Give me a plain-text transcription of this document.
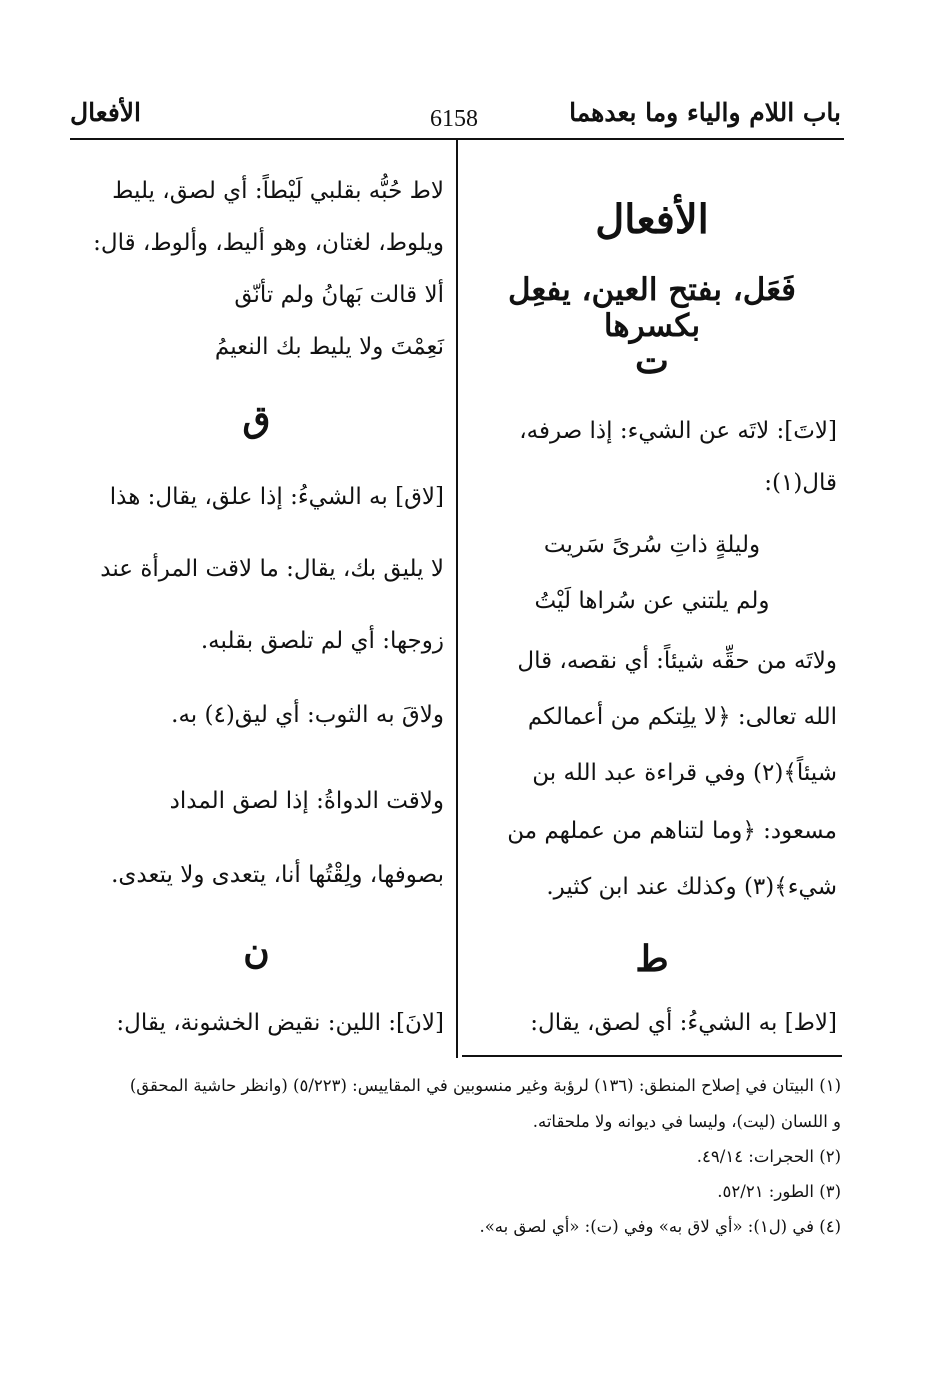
باب اللام والياء وما بعدهما
6158
الأفعال
الأفعال
فَعَل، بفتح العين، يفعِل بكسرها
ت
[لاتَ]: لاتَه عن الشيء: إذا صرفه،
قال(١):
وليلةٍ ذاتِ سُرىً سَريت
ولم يلتني عن سُراها لَيْتُ
ولاتَه من حقِّه شيئاً: أي نقصه، قال
الله تعالى: ﴿لا يلِتكم من أعمالكم
شيئاً﴾(٢) وفي قراءة عبد الله بن
مسعود: ﴿وما لتناهم من عملهم من
شيء﴾(٣) وكذلك عند ابن كثير.
ط
[لاط] به الشيءُ: أي لصق، يقال:
لاط حُبُّه بقلبي لَيْطاً: أي لصق، يليط
ويلوط، لغتان، وهو أليط، وألوط، قال:
ألا قالت بَهانُ ولم تأنّق
نَعِمْتَ ولا يليط بك النعيمُ
ق
[لاق] به الشيءُ: إذا علق، يقال: هذا
لا يليق بك، يقال: ما لاقت المرأة عند
زوجها: أي لم تلصق بقلبه.
ولاقَ به الثوب: أي ليق(٤) به.
ولاقت الدواةُ: إذا لصق المداد
بصوفها، ولِقْتُها أنا، يتعدى ولا يتعدى.
ن
[لانَ]: اللين: نقيض الخشونة، يقال:
(١) البيتان في إصلاح المنطق: (١٣٦) لرؤبة وغير منسوبين في المقاييس: (٥/٢٢٣) (وانظر حاشية المحقق)
و اللسان (ليت)، وليسا في ديوانه ولا ملحقاته.
(٢) الحجرات: ٤٩/١٤.
(٣) الطور: ٥٢/٢١.
(٤) في (ل١): «أي لاق به» وفي (ت): «أي لصق به».
